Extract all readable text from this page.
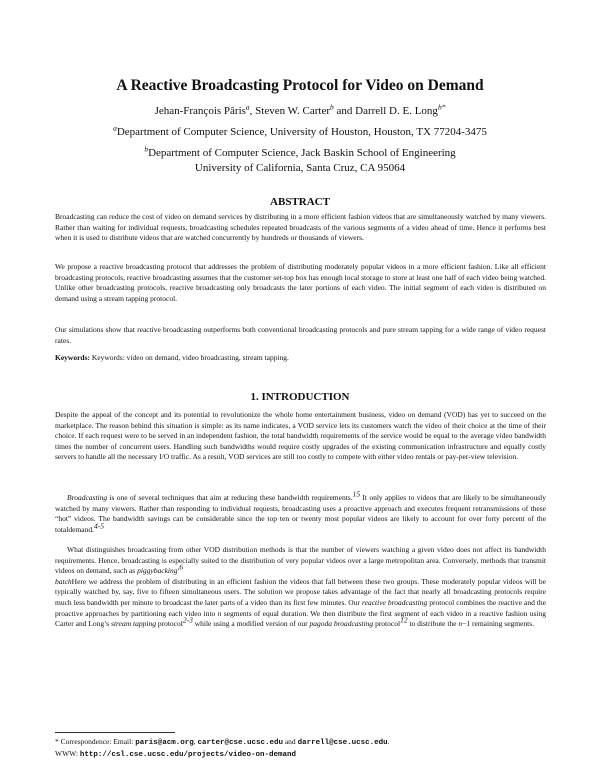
A Reactive Broadcasting Protocol for Video on Demand
Jehan-François Pâris$^a$, Steven W. Carter$^b$ and Darrell D. E. Long$^{b*}$
$^a$Department of Computer Science, University of Houston, Houston, TX 77204-3475
$^b$Department of Computer Science, Jack Baskin School of Engineering
University of California, Santa Cruz, CA 95064
ABSTRACT
Broadcasting can reduce the cost of video on demand services by distributing in a more efficient fashion videos that are simultaneously watched by many viewers. Rather than waiting for individual requests, broadcasting schedules repeated broadcasts of the various segments of a video ahead of time. Hence it performs best when it is used to distribute videos that are watched concurrently by hundreds or thousands of viewers.
We propose a reactive broadcasting protocol that addresses the problem of distributing moderately popular videos in a more efficient fashion. Like all efficient broadcasting protocols, reactive broadcasting assumes that the customer set-top box has enough local storage to store at least one half of each video being watched. Unlike other broadcasting protocols, reactive broadcasting only broadcasts the later portions of each video. The initial segment of each video is distributed on demand using a stream tapping protocol.
Our simulations show that reactive broadcasting outperforms both conventional broadcasting protocols and pure stream tapping for a wide range of video request rates.
Keywords: Keywords: video on demand, video broadcasting, stream tapping.
1. INTRODUCTION
Despite the appeal of the concept and its potential to revolutionize the whole home entertainment business, video on demand (VOD) has yet to succeed on the marketplace. The reason behind this situation is simple: as its name indicates, a VOD service lets its customers watch the video of their choice at the time of their choice. If each request were to be served in an independent fashion, the total bandwidth requirements of the service would be equal to the average video bandwidth times the number of concurrent users. Handling such bandwidths would require costly upgrades of the existing communication infrastructure and equally costly servers to handle all the necessary I/O traffic. As a result, VOD services are still too costly to compete with either video rentals or pay-per-view television.
Broadcasting is one of several techniques that aim at reducing these bandwidth requirements.$^{15}$ It only applies to videos that are likely to be simultaneously watched by many viewers. Rather than responding to individual requests, broadcasting uses a proactive approach and executes frequent retransmissions of these “hot” videos. The bandwidth savings can be considerable since the top ten or twenty most popular videos are likely to account for over forty percent of the totaldemand.$^{4-5}$
What distinguishes broadcasting from other VOD distribution methods is that the number of viewers watching a given video does not affect its bandwidth requirements. Hence, broadcasting is especially suited to the distribution of very popular videos over a large metropolitan area. Conversely, methods that transmit videos on demand, such as piggybacking$^{,6}$
batchHere we address the problem of distributing in an efficient fashion the videos that fall between these two groups. These moderately popular videos will be typically watched by, say, five to fifteen simultaneous users. The solution we propose takes advantage of the fact that nearly all broadcasting protocols require much less bandwidth per minute to broadcast the later parts of a video than its first few minutes. Our reactive broadcasting protocol combines the reactive and the proactive approaches by partitioning each video into n segments of equal duration. We then distribute the first segment of each video in a reactive fashion using Carter and Long’s stream tapping protocol$^{2-3}$ while using a modified version of our pagoda broadcasting protocol$^{12}$ to distribute the n−1 remaining segments.
* Correspondence: Email: paris@acm.org, carter@cse.ucsc.edu and darrell@cse.ucsc.edu.
WWW: http://csl.cse.ucsc.edu/projects/video-on-demand
